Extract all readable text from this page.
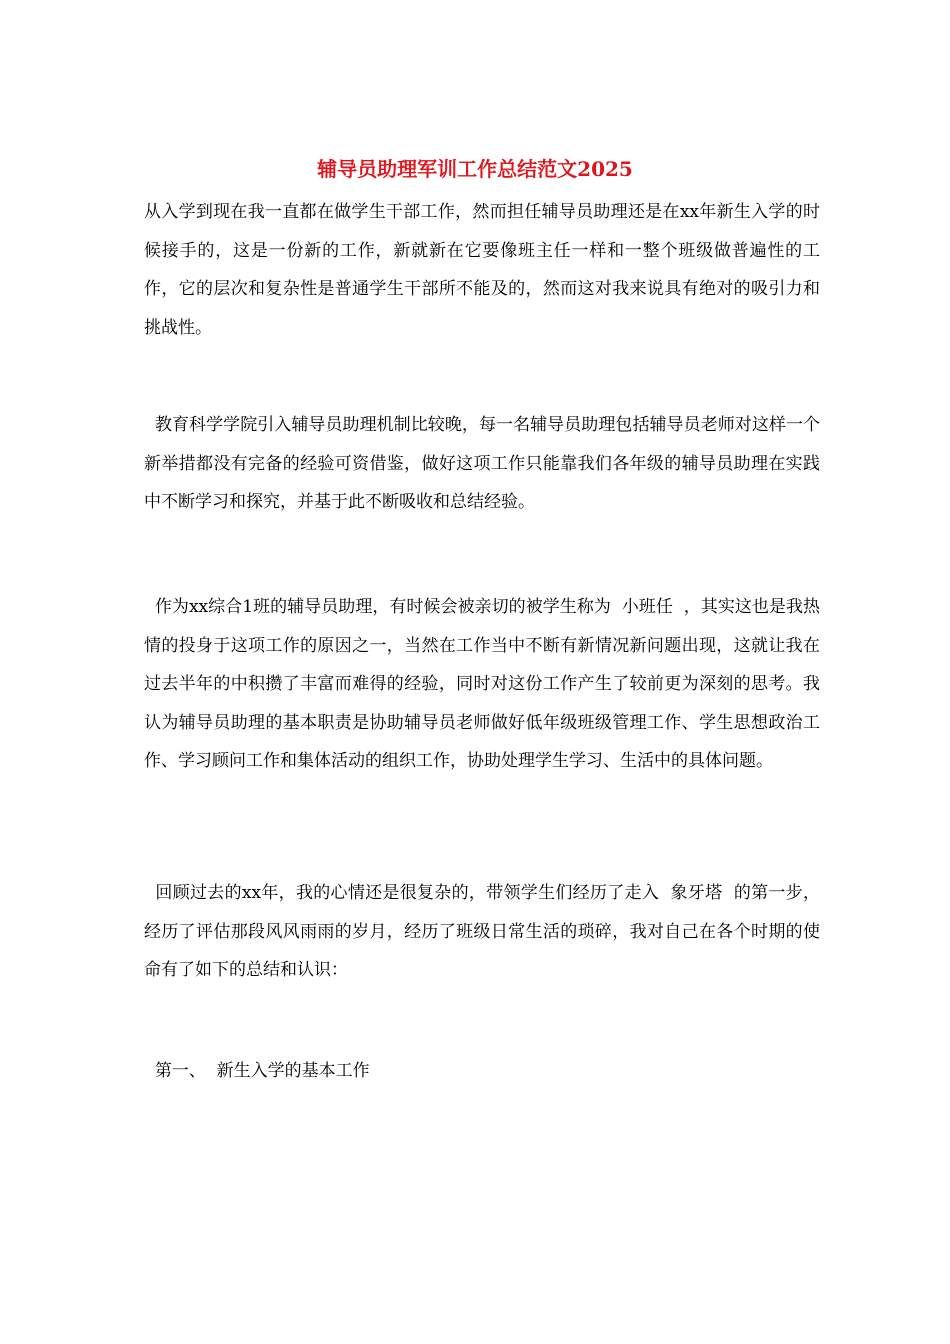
辅导员助理军训工作总结范文2025

从入学到现在我一直都在做学生干部工作，然而担任辅导员助理还是在xx年新生入学的时候接手的，这是一份新的工作，新就新在它要像班主任一样和一整个班级做普遍性的工作，它的层次和复杂性是普通学生干部所不能及的，然而这对我来说具有绝对的吸引力和挑战性。

教育科学学院引入辅导员助理机制比较晚，每一名辅导员助理包括辅导员老师对这样一个新举措都没有完备的经验可资借鉴，做好这项工作只能靠我们各年级的辅导员助理在实践中不断学习和探究，并基于此不断吸收和总结经验。

作为xx综合1班的辅导员助理，有时候会被亲切的被学生称为  小班任  ，其实这也是我热情的投身于这项工作的原因之一，当然在工作当中不断有新情况新问题出现，这就让我在过去半年的中积攒了丰富而难得的经验，同时对这份工作产生了较前更为深刻的思考。我认为辅导员助理的基本职责是协助辅导员老师做好低年级班级管理工作、学生思想政治工作、学习顾问工作和集体活动的组织工作，协助处理学生学习、生活中的具体问题。

回顾过去的xx年，我的心情还是很复杂的，带领学生们经历了走入  象牙塔  的第一步，经历了评估那段风风雨雨的岁月，经历了班级日常生活的琐碎，我对自己在各个时期的使命有了如下的总结和认识：

第一、  新生入学的基本工作
